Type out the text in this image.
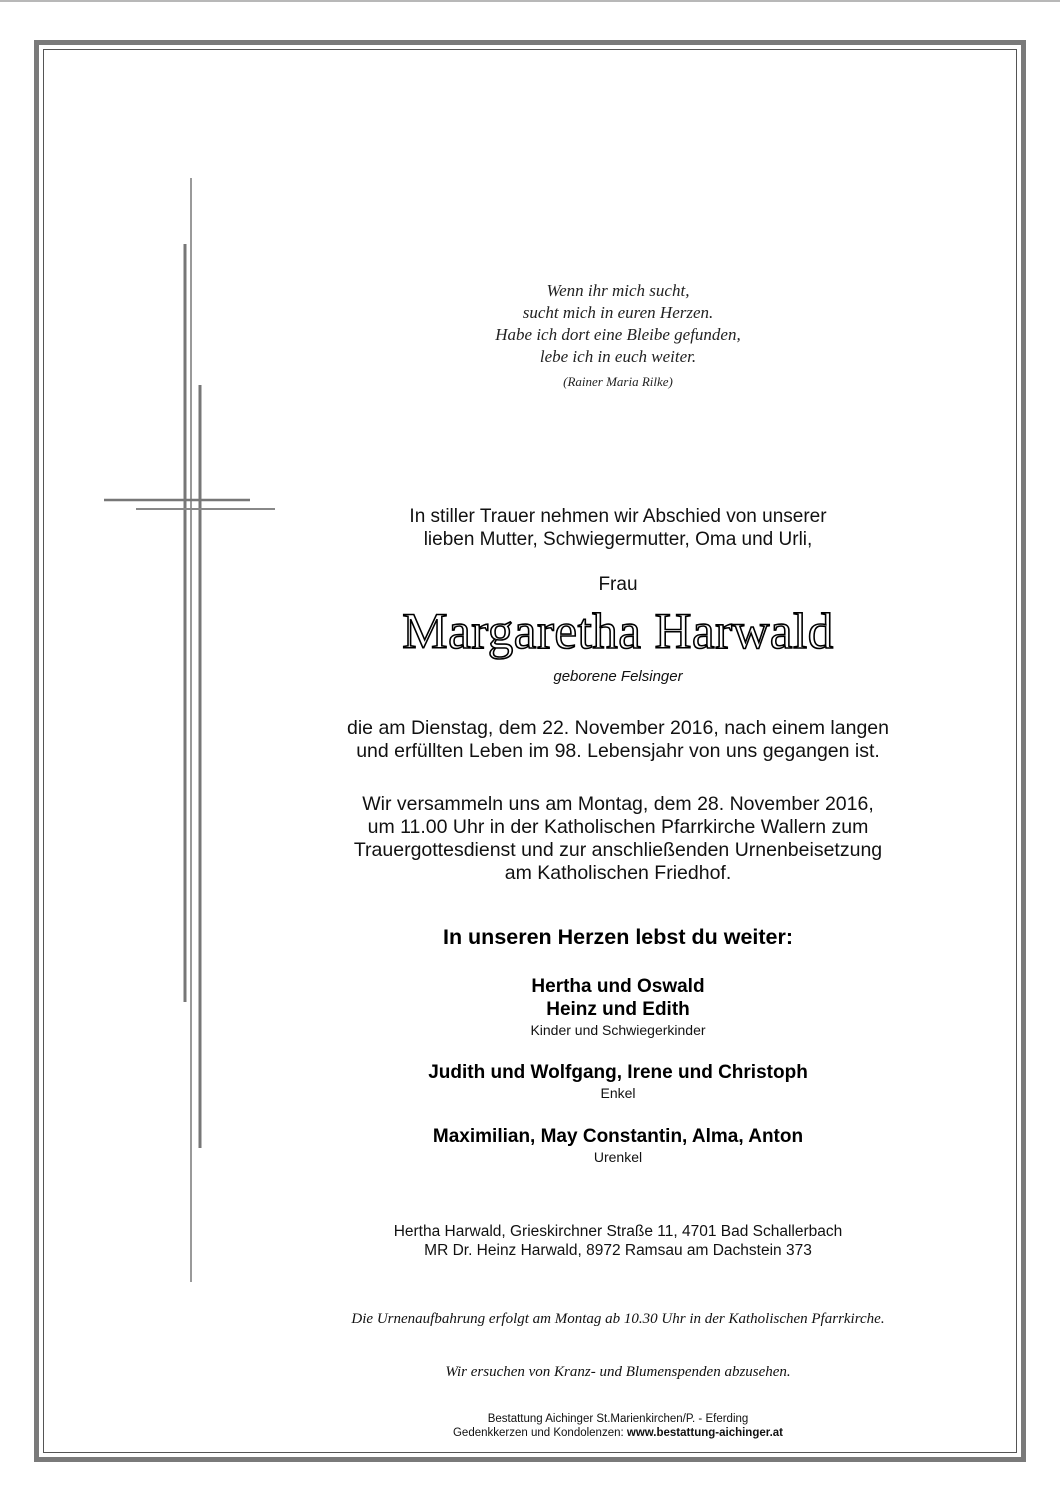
Wenn ihr mich sucht,
sucht mich in euren Herzen.
Habe ich dort eine Bleibe gefunden,
lebe ich in euch weiter.
(Rainer Maria Rilke)
In stiller Trauer nehmen wir Abschied von unserer
lieben Mutter, Schwiegermutter, Oma und Urli,
Frau
Margaretha Harwald
geborene Felsinger
die am Dienstag, dem 22. November 2016, nach einem langen
und erfüllten Leben im 98. Lebensjahr von uns gegangen ist.
Wir versammeln uns am Montag, dem 28. November 2016,
um 11.00 Uhr in der Katholischen Pfarrkirche Wallern zum
Trauergottesdienst und zur anschließenden Urnenbeisetzung
am Katholischen Friedhof.
In unseren Herzen lebst du weiter:
Hertha und Oswald
Heinz und Edith
Kinder und Schwiegerkinder
Judith und Wolfgang, Irene und Christoph
Enkel
Maximilian, May Constantin, Alma, Anton
Urenkel
Hertha Harwald, Grieskirchner Straße 11, 4701 Bad Schallerbach
MR Dr. Heinz Harwald, 8972 Ramsau am Dachstein 373
Die Urnenaufbahrung erfolgt am Montag ab 10.30 Uhr in der Katholischen Pfarrkirche.
Wir ersuchen von Kranz- und Blumenspenden abzusehen.
Bestattung Aichinger St.Marienkirchen/P. - Eferding
Gedenkkerzen und Kondolenzen: www.bestattung-aichinger.at
